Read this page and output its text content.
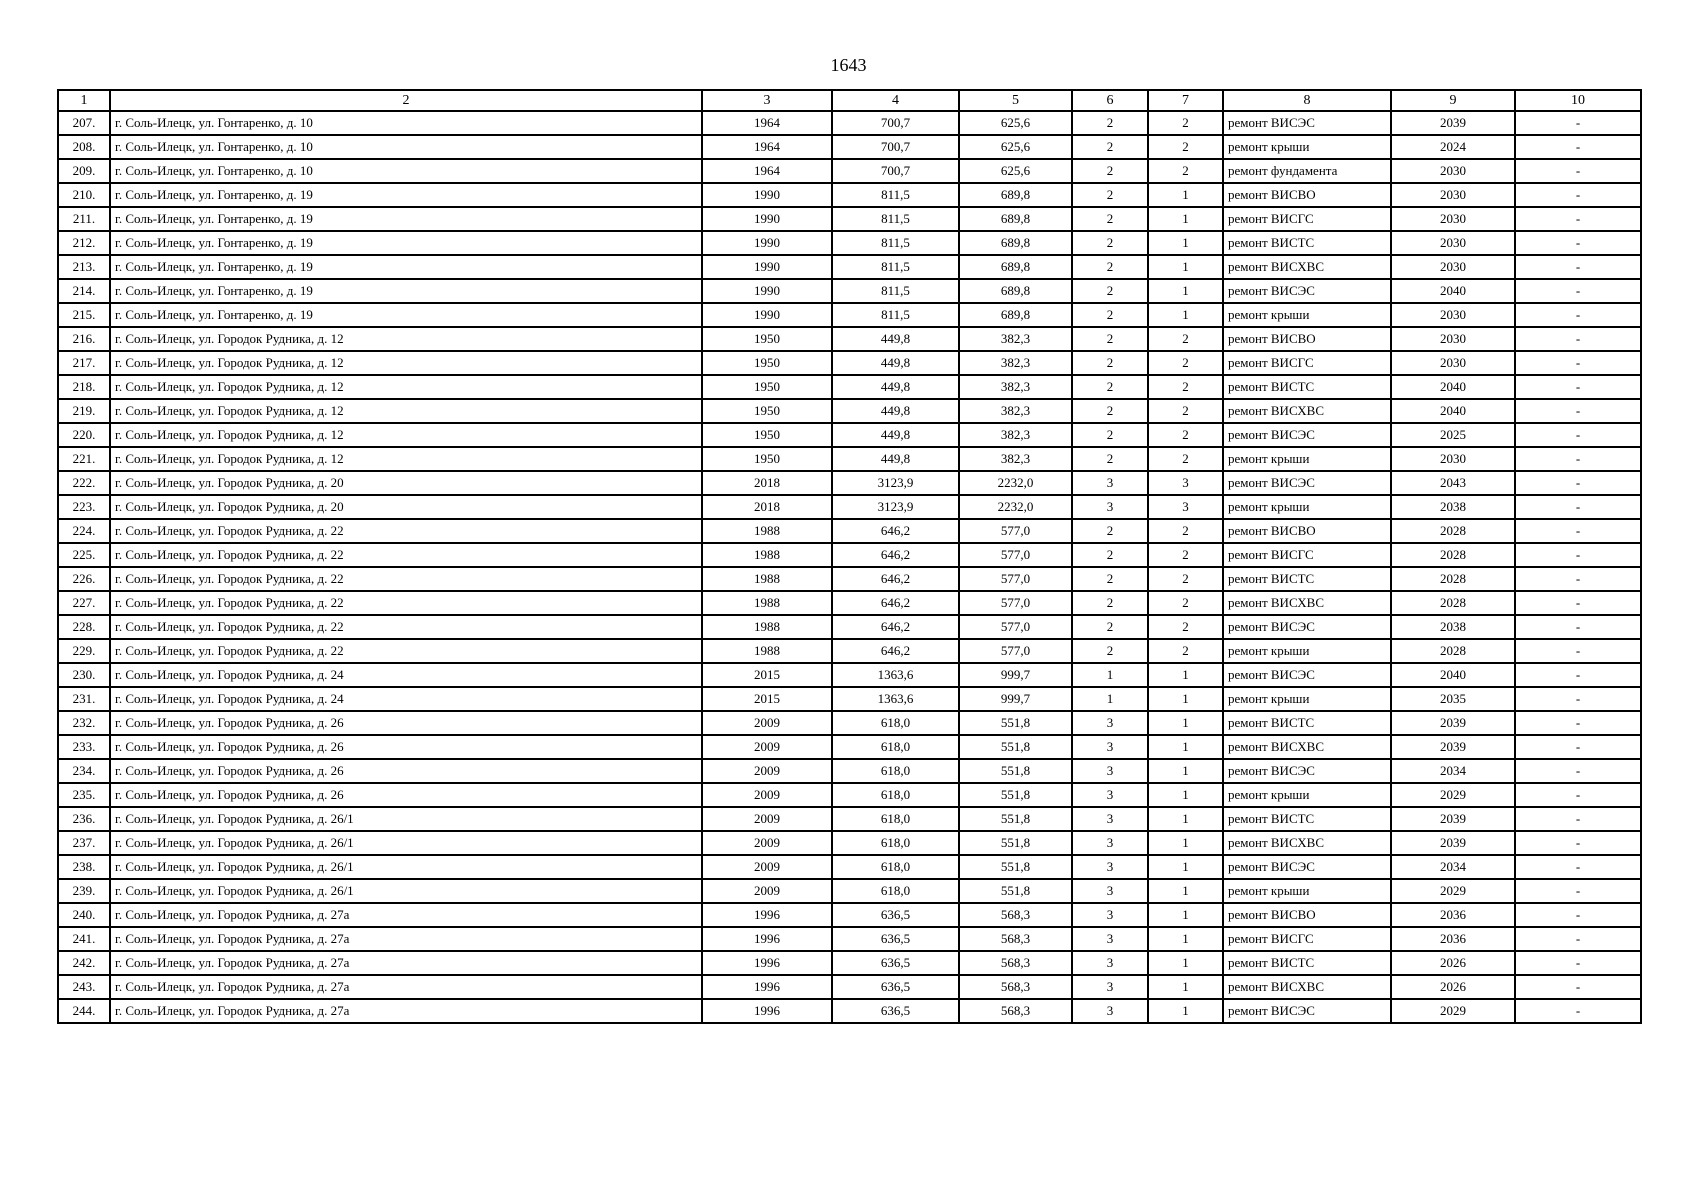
1643
1	2	3	4	5	6	7	8	9	10
207.	г. Соль-Илецк, ул. Гонтаренко, д. 10	1964	700,7	625,6	2	2	ремонт ВИСЭС	2039	-
208.	г. Соль-Илецк, ул. Гонтаренко, д. 10	1964	700,7	625,6	2	2	ремонт крыши	2024	-
209.	г. Соль-Илецк, ул. Гонтаренко, д. 10	1964	700,7	625,6	2	2	ремонт фундамента	2030	-
210.	г. Соль-Илецк, ул. Гонтаренко, д. 19	1990	811,5	689,8	2	1	ремонт ВИСВО	2030	-
211.	г. Соль-Илецк, ул. Гонтаренко, д. 19	1990	811,5	689,8	2	1	ремонт ВИСГС	2030	-
212.	г. Соль-Илецк, ул. Гонтаренко, д. 19	1990	811,5	689,8	2	1	ремонт ВИСТС	2030	-
213.	г. Соль-Илецк, ул. Гонтаренко, д. 19	1990	811,5	689,8	2	1	ремонт ВИСХВС	2030	-
214.	г. Соль-Илецк, ул. Гонтаренко, д. 19	1990	811,5	689,8	2	1	ремонт ВИСЭС	2040	-
215.	г. Соль-Илецк, ул. Гонтаренко, д. 19	1990	811,5	689,8	2	1	ремонт крыши	2030	-
216.	г. Соль-Илецк, ул. Городок Рудника, д. 12	1950	449,8	382,3	2	2	ремонт ВИСВО	2030	-
217.	г. Соль-Илецк, ул. Городок Рудника, д. 12	1950	449,8	382,3	2	2	ремонт ВИСГС	2030	-
218.	г. Соль-Илецк, ул. Городок Рудника, д. 12	1950	449,8	382,3	2	2	ремонт ВИСТС	2040	-
219.	г. Соль-Илецк, ул. Городок Рудника, д. 12	1950	449,8	382,3	2	2	ремонт ВИСХВС	2040	-
220.	г. Соль-Илецк, ул. Городок Рудника, д. 12	1950	449,8	382,3	2	2	ремонт ВИСЭС	2025	-
221.	г. Соль-Илецк, ул. Городок Рудника, д. 12	1950	449,8	382,3	2	2	ремонт крыши	2030	-
222.	г. Соль-Илецк, ул. Городок Рудника, д. 20	2018	3123,9	2232,0	3	3	ремонт ВИСЭС	2043	-
223.	г. Соль-Илецк, ул. Городок Рудника, д. 20	2018	3123,9	2232,0	3	3	ремонт крыши	2038	-
224.	г. Соль-Илецк, ул. Городок Рудника, д. 22	1988	646,2	577,0	2	2	ремонт ВИСВО	2028	-
225.	г. Соль-Илецк, ул. Городок Рудника, д. 22	1988	646,2	577,0	2	2	ремонт ВИСГС	2028	-
226.	г. Соль-Илецк, ул. Городок Рудника, д. 22	1988	646,2	577,0	2	2	ремонт ВИСТС	2028	-
227.	г. Соль-Илецк, ул. Городок Рудника, д. 22	1988	646,2	577,0	2	2	ремонт ВИСХВС	2028	-
228.	г. Соль-Илецк, ул. Городок Рудника, д. 22	1988	646,2	577,0	2	2	ремонт ВИСЭС	2038	-
229.	г. Соль-Илецк, ул. Городок Рудника, д. 22	1988	646,2	577,0	2	2	ремонт крыши	2028	-
230.	г. Соль-Илецк, ул. Городок Рудника, д. 24	2015	1363,6	999,7	1	1	ремонт ВИСЭС	2040	-
231.	г. Соль-Илецк, ул. Городок Рудника, д. 24	2015	1363,6	999,7	1	1	ремонт крыши	2035	-
232.	г. Соль-Илецк, ул. Городок Рудника, д. 26	2009	618,0	551,8	3	1	ремонт ВИСТС	2039	-
233.	г. Соль-Илецк, ул. Городок Рудника, д. 26	2009	618,0	551,8	3	1	ремонт ВИСХВС	2039	-
234.	г. Соль-Илецк, ул. Городок Рудника, д. 26	2009	618,0	551,8	3	1	ремонт ВИСЭС	2034	-
235.	г. Соль-Илецк, ул. Городок Рудника, д. 26	2009	618,0	551,8	3	1	ремонт крыши	2029	-
236.	г. Соль-Илецк, ул. Городок Рудника, д. 26/1	2009	618,0	551,8	3	1	ремонт ВИСТС	2039	-
237.	г. Соль-Илецк, ул. Городок Рудника, д. 26/1	2009	618,0	551,8	3	1	ремонт ВИСХВС	2039	-
238.	г. Соль-Илецк, ул. Городок Рудника, д. 26/1	2009	618,0	551,8	3	1	ремонт ВИСЭС	2034	-
239.	г. Соль-Илецк, ул. Городок Рудника, д. 26/1	2009	618,0	551,8	3	1	ремонт крыши	2029	-
240.	г. Соль-Илецк, ул. Городок Рудника, д. 27а	1996	636,5	568,3	3	1	ремонт ВИСВО	2036	-
241.	г. Соль-Илецк, ул. Городок Рудника, д. 27а	1996	636,5	568,3	3	1	ремонт ВИСГС	2036	-
242.	г. Соль-Илецк, ул. Городок Рудника, д. 27а	1996	636,5	568,3	3	1	ремонт ВИСТС	2026	-
243.	г. Соль-Илецк, ул. Городок Рудника, д. 27а	1996	636,5	568,3	3	1	ремонт ВИСХВС	2026	-
244.	г. Соль-Илецк, ул. Городок Рудника, д. 27а	1996	636,5	568,3	3	1	ремонт ВИСЭС	2029	-
